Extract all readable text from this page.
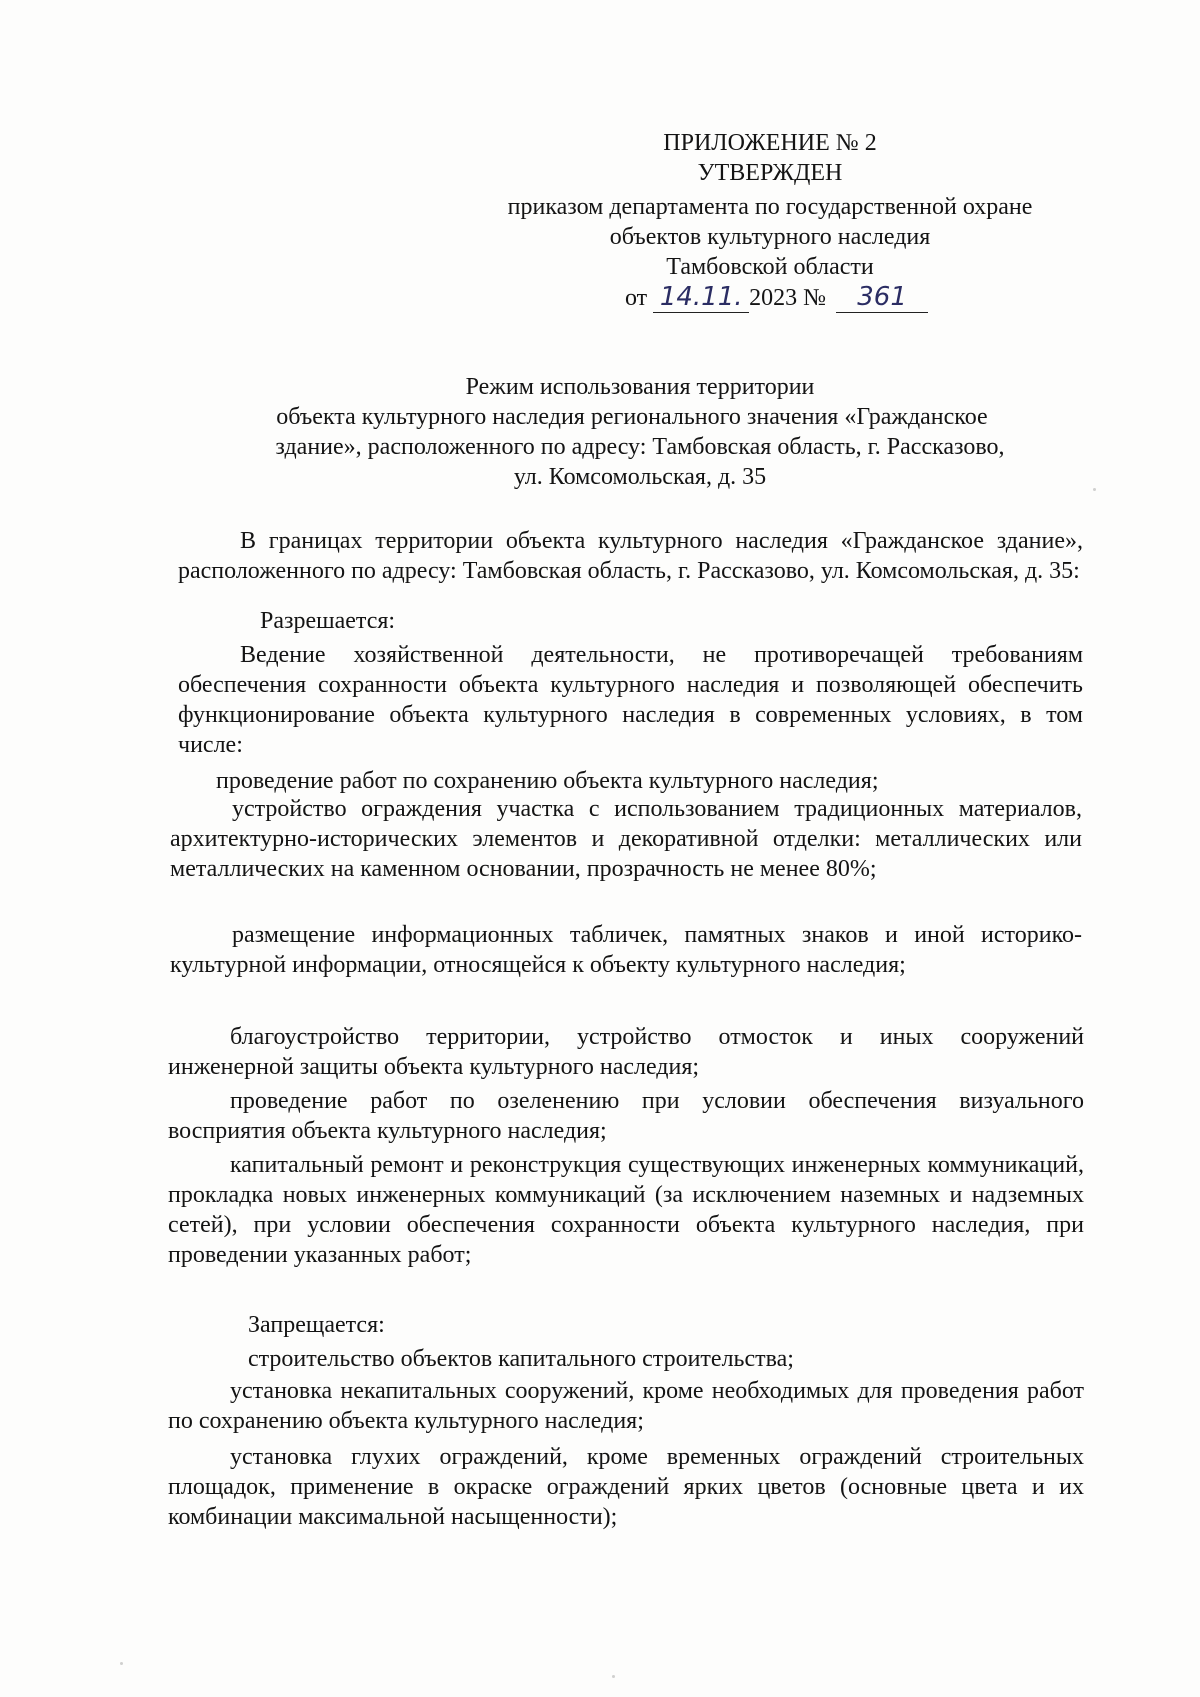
ПРИЛОЖЕНИЕ № 2
УТВЕРЖДЕН
приказом департамента по государственной охране
объектов культурного наследия
Тамбовской области
от 14.11. 2023 № 361
Режим использования территории
объекта культурного наследия регионального значения «Гражданское
здание», расположенного по адресу: Тамбовская область, г. Рассказово,
ул. Комсомольская, д. 35
В границах территории объекта культурного наследия «Гражданское здание», расположенного по адресу: Тамбовская область, г. Рассказово, ул. Комсомольская, д. 35:
Разрешается:
Ведение хозяйственной деятельности, не противоречащей требованиям обеспечения сохранности объекта культурного наследия и позволяющей обеспечить функционирование объекта культурного наследия в современных условиях, в том числе:
проведение работ по сохранению объекта культурного наследия;
устройство ограждения участка с использованием традиционных материалов, архитектурно-исторических элементов и декоративной отделки: металлических или металлических на каменном основании, прозрачность не менее 80%;
размещение информационных табличек, памятных знаков и иной историко-культурной информации, относящейся к объекту культурного наследия;
благоустройство территории, устройство отмосток и иных сооружений инженерной защиты объекта культурного наследия;
проведение работ по озеленению при условии обеспечения визуального восприятия объекта культурного наследия;
капитальный ремонт и реконструкция существующих инженерных коммуникаций, прокладка новых инженерных коммуникаций (за исключением наземных и надземных сетей), при условии обеспечения сохранности объекта культурного наследия, при проведении указанных работ;
Запрещается:
строительство объектов капитального строительства;
установка некапитальных сооружений, кроме необходимых для проведения работ по сохранению объекта культурного наследия;
установка глухих ограждений, кроме временных ограждений строительных площадок, применение в окраске ограждений ярких цветов (основные цвета и их комбинации максимальной насыщенности);
